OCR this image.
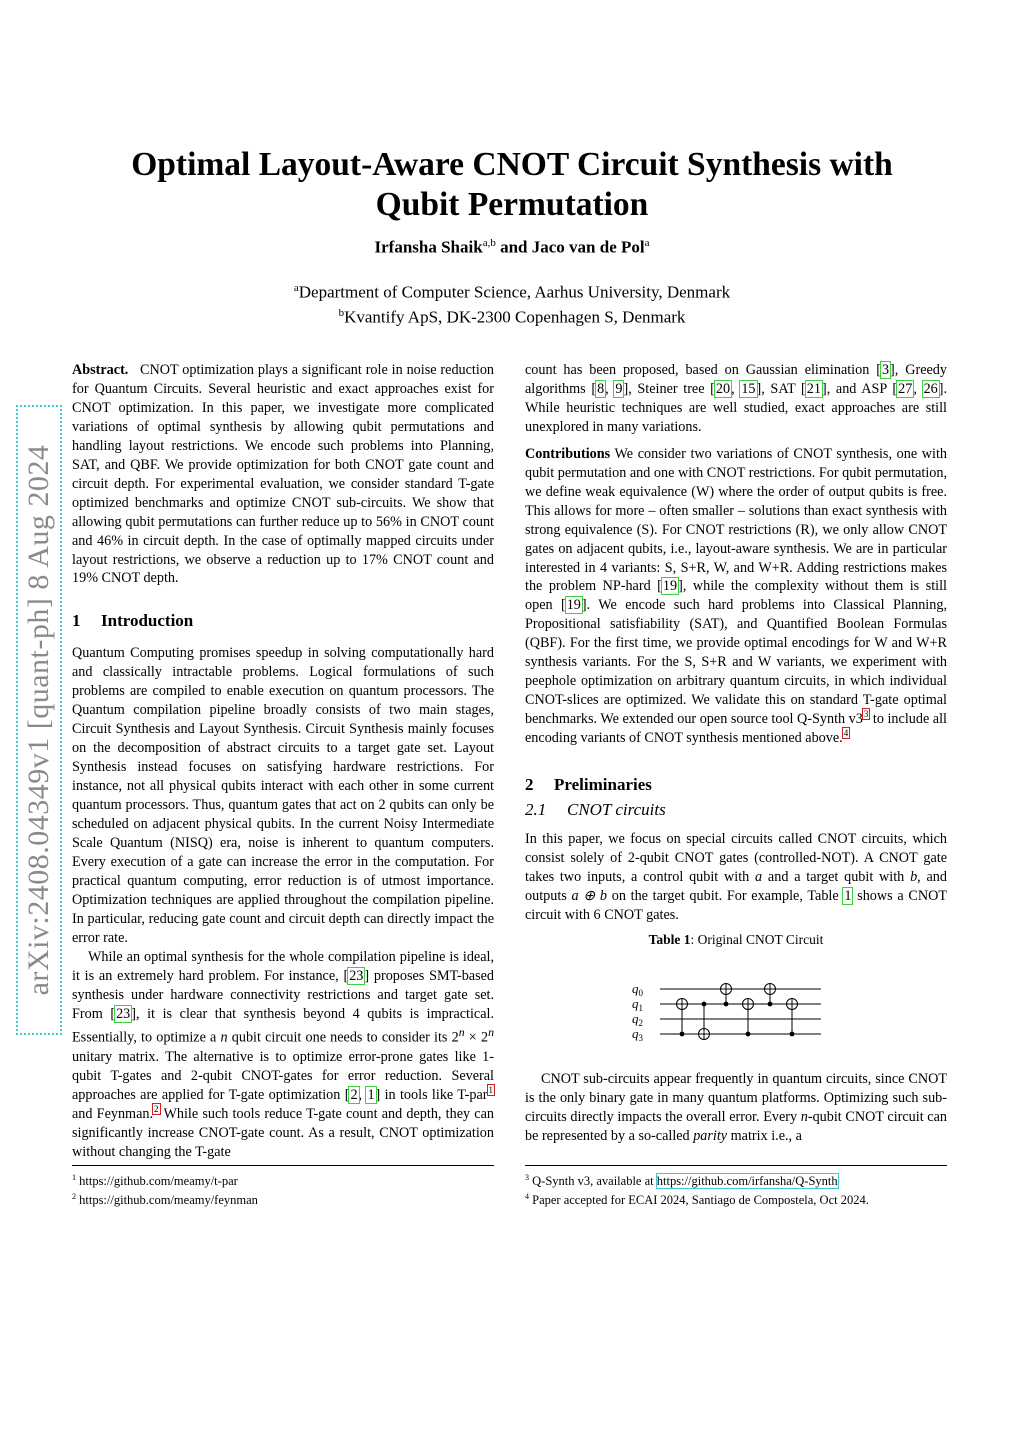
arXiv:2408.04349v1 [quant-ph] 8 Aug 2024
Optimal Layout-Aware CNOT Circuit Synthesis with
Qubit Permutation
Irfansha Shaik$^{a,b}$ and Jaco van de Pol$^a$
$^a$Department of Computer Science, Aarhus University, Denmark
$^b$Kvantify ApS, DK-2300 Copenhagen S, Denmark

Abstract. CNOT optimization plays a significant role in noise reduction for Quantum Circuits. Several heuristic and exact approaches exist for CNOT optimization. In this paper, we investigate more complicated variations of optimal synthesis by allowing qubit permutations and handling layout restrictions. We encode such problems into Planning, SAT, and QBF. We provide optimization for both CNOT gate count and circuit depth. For experimental evaluation, we consider standard T-gate optimized benchmarks and optimize CNOT sub-circuits. We show that allowing qubit permutations can further reduce up to 56% in CNOT count and 46% in circuit depth. In the case of optimally mapped circuits under layout restrictions, we observe a reduction up to 17% CNOT count and 19% CNOT depth.

1 Introduction

Quantum Computing promises speedup in solving computationally hard and classically intractable problems. Logical formulations of such problems are compiled to enable execution on quantum processors. The Quantum compilation pipeline broadly consists of two main stages, Circuit Synthesis and Layout Synthesis. Circuit Synthesis mainly focuses on the decomposition of abstract circuits to a target gate set. Layout Synthesis instead focuses on satisfying hardware restrictions. For instance, not all physical qubits interact with each other in some current quantum processors. Thus, quantum gates that act on 2 qubits can only be scheduled on adjacent physical qubits. In the current Noisy Intermediate Scale Quantum (NISQ) era, noise is inherent to quantum computers. Every execution of a gate can increase the error in the computation. For practical quantum computing, error reduction is of utmost importance. Optimization techniques are applied throughout the compilation pipeline. In particular, reducing gate count and circuit depth can directly impact the error rate.

While an optimal synthesis for the whole compilation pipeline is ideal, it is an extremely hard problem. For instance, [23] proposes SMT-based synthesis under hardware connectivity restrictions and target gate set. From [23], it is clear that synthesis beyond 4 qubits is impractical. Essentially, to optimize a n qubit circuit one needs to consider its $2^n \times 2^n$ unitary matrix. The alternative is to optimize error-prone gates like 1-qubit T-gates and 2-qubit CNOT-gates for error reduction. Several approaches are applied for T-gate optimization [2, 1] in tools like T-par$^1$ and Feynman.$^2$ While such tools reduce T-gate count and depth, they can significantly increase CNOT-gate count. As a result, CNOT optimization without changing the T-gate

count has been proposed, based on Gaussian elimination [3], Greedy algorithms [8, 9], Steiner tree [20, 15], SAT [21], and ASP [27, 26]. While heuristic techniques are well studied, exact approaches are still unexplored in many variations.

Contributions We consider two variations of CNOT synthesis, one with qubit permutation and one with CNOT restrictions. For qubit permutation, we define weak equivalence (W) where the order of output qubits is free. This allows for more – often smaller – solutions than exact synthesis with strong equivalence (S). For CNOT restrictions (R), we only allow CNOT gates on adjacent qubits, i.e., layout-aware synthesis. We are in particular interested in 4 variants: S, S+R, W, and W+R. Adding restrictions makes the problem NP-hard [19], while the complexity without them is still open [19]. We encode such hard problems into Classical Planning, Propositional satisfiability (SAT), and Quantified Boolean Formulas (QBF). For the first time, we provide optimal encodings for W and W+R synthesis variants. For the S, S+R and W variants, we experiment with peephole optimization on arbitrary quantum circuits, in which individual CNOT-slices are optimized. We validate this on standard T-gate optimal benchmarks. We extended our open source tool Q-Synth v3$^3$ to include all encoding variants of CNOT synthesis mentioned above.$^4$

2 Preliminaries
2.1 CNOT circuits

In this paper, we focus on special circuits called CNOT circuits, which consist solely of 2-qubit CNOT gates (controlled-NOT). A CNOT gate takes two inputs, a control qubit with a and a target qubit with b, and outputs a ⊕ b on the target qubit. For example, Table 1 shows a CNOT circuit with 6 CNOT gates.

Table 1: Original CNOT Circuit
$q_0$
$q_1$
$q_2$
$q_3$

CNOT sub-circuits appear frequently in quantum circuits, since CNOT is the only binary gate in many quantum platforms. Optimizing such sub-circuits directly impacts the overall error. Every n-qubit CNOT circuit can be represented by a so-called parity matrix i.e., a

$^1$ https://github.com/meamy/t-par
$^2$ https://github.com/meamy/feynman
$^3$ Q-Synth v3, available at https://github.com/irfansha/Q-Synth
$^4$ Paper accepted for ECAI 2024, Santiago de Compostela, Oct 2024.
